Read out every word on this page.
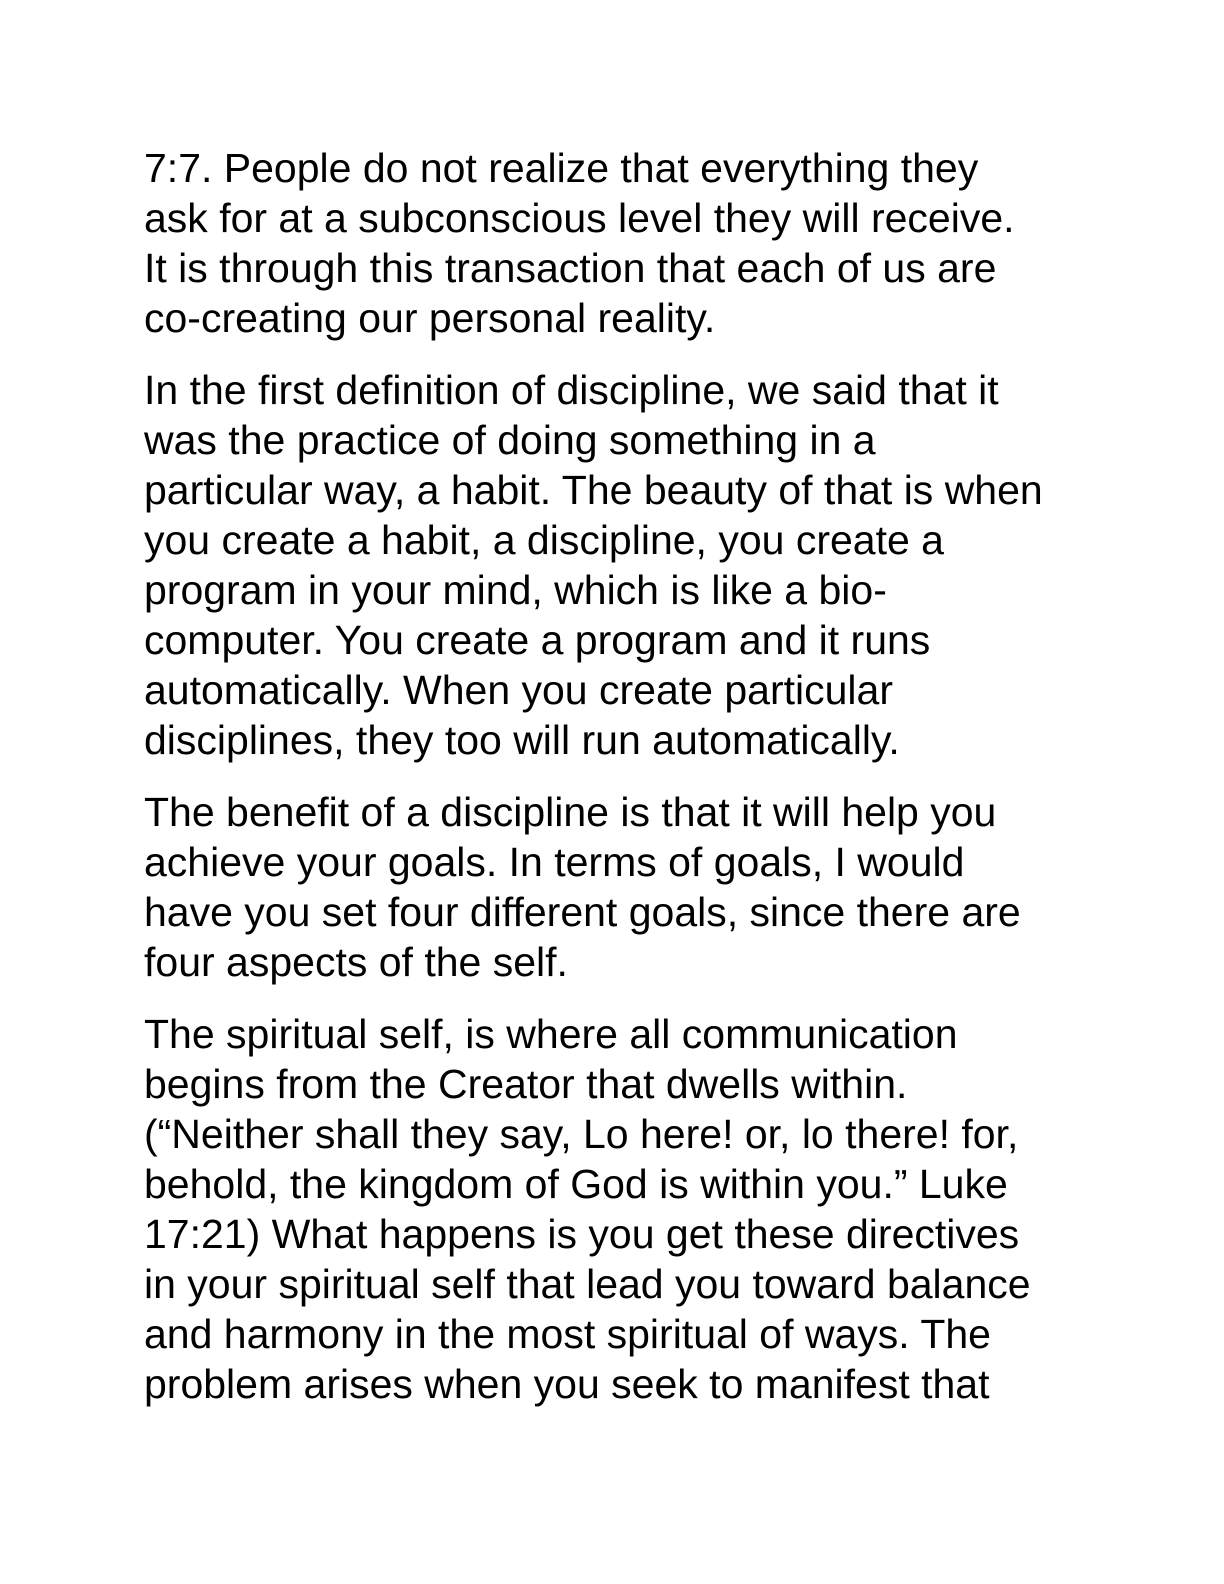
7:7. People do not realize that everything they
ask for at a subconscious level they will receive.
It is through this transaction that each of us are
co-creating our personal reality.

In the first definition of discipline, we said that it
was the practice of doing something in a
particular way, a habit. The beauty of that is when
you create a habit, a discipline, you create a
program in your mind, which is like a bio-
computer. You create a program and it runs
automatically. When you create particular
disciplines, they too will run automatically.

The benefit of a discipline is that it will help you
achieve your goals. In terms of goals, I would
have you set four different goals, since there are
four aspects of the self.

The spiritual self, is where all communication
begins from the Creator that dwells within.
(“Neither shall they say, Lo here! or, lo there! for,
behold, the kingdom of God is within you.” Luke
17:21) What happens is you get these directives
in your spiritual self that lead you toward balance
and harmony in the most spiritual of ways. The
problem arises when you seek to manifest that
